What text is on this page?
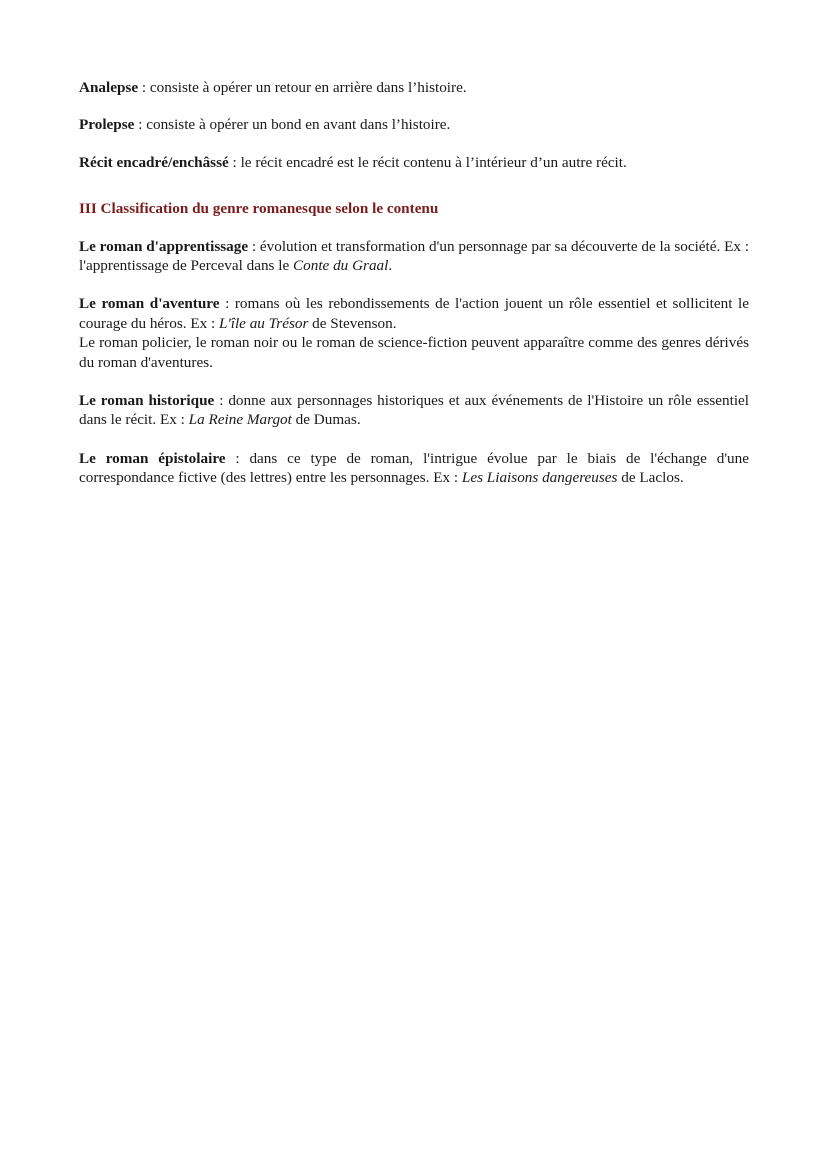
Analepse : consiste à opérer un retour en arrière dans l’histoire.

Prolepse : consiste à opérer un bond en avant dans l’histoire.

Récit encadré/enchâssé : le récit encadré est le récit contenu à l’intérieur d’un autre récit.

III Classification du genre romanesque selon le contenu

Le roman d'apprentissage : évolution et transformation d'un personnage par sa découverte de la société. Ex : l'apprentissage de Perceval dans le Conte du Graal.

Le roman d'aventure : romans où les rebondissements de l'action jouent un rôle essentiel et sollicitent le courage du héros. Ex : L'île au Trésor de Stevenson.

Le roman policier, le roman noir ou le roman de science-fiction peuvent apparaître comme des genres dérivés du roman d'aventures.

Le roman historique : donne aux personnages historiques et aux événements de l'Histoire un rôle essentiel dans le récit. Ex : La Reine Margot de Dumas.

Le roman épistolaire : dans ce type de roman, l'intrigue évolue par le biais de l'échange d'une correspondance fictive (des lettres) entre les personnages. Ex : Les Liaisons dangereuses de Laclos.
